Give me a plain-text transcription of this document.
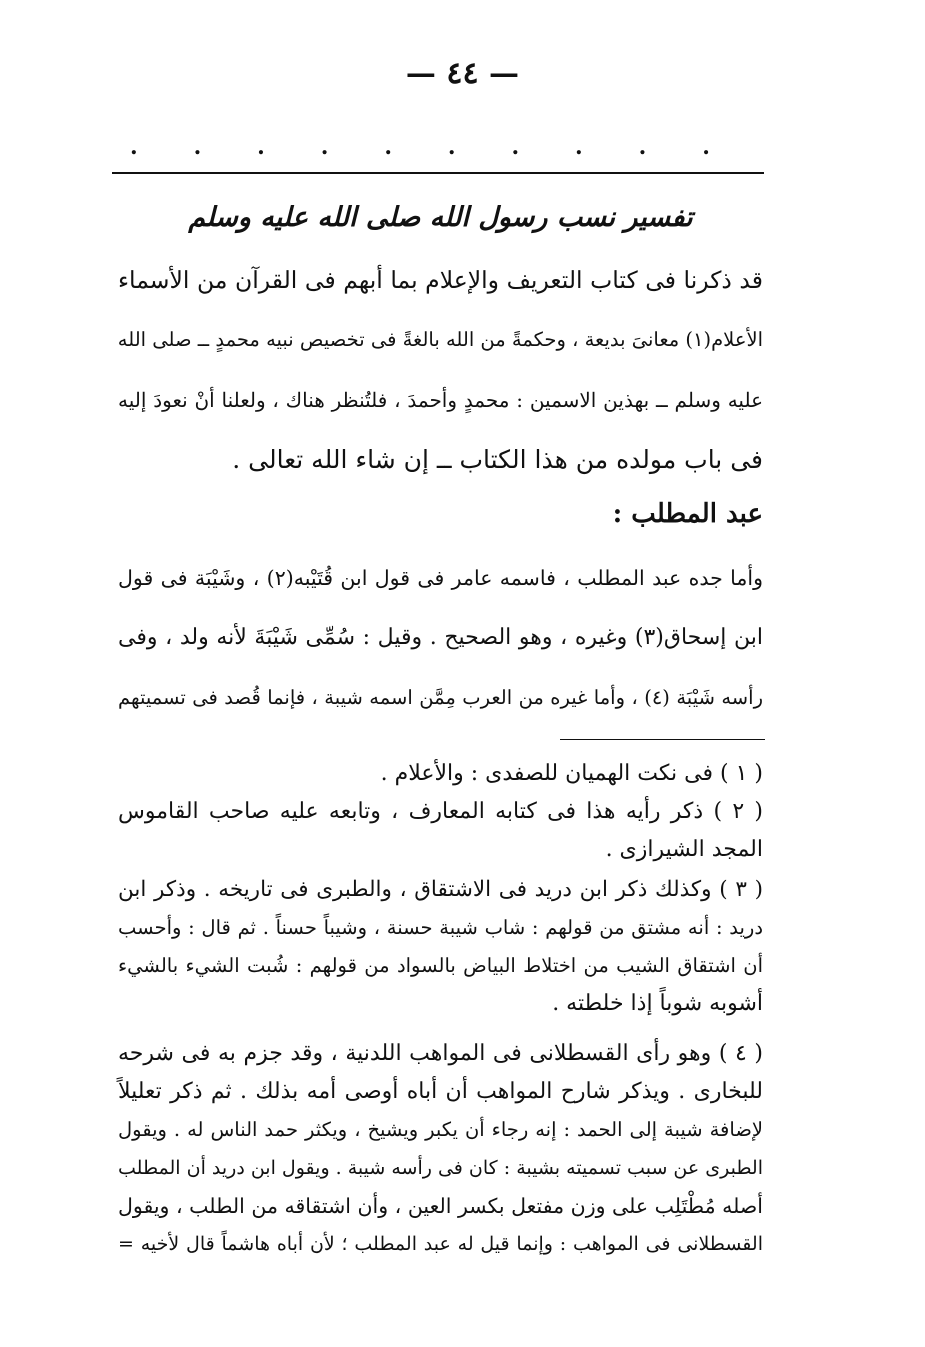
— ٤٤ —
.	.	.	.	.	.	.	.	.	.
تفسير نسب رسول الله صلى الله عليه وسلم
قد ذكرنا فى كتاب التعريف والإعلام بما أبهم فى القرآن من الأسماء
الأعلام(١) معانىَ بديعة ، وحكمةً من الله بالغةً فى تخصيص نبيه محمدٍ ــ صلى الله
عليه وسلم ــ بهذين الاسمين : محمدٍ وأحمدَ ، فلتُنظر هناك ، ولعلنا أنْ نعودَ إليه
فى باب مولده من هذا الكتاب ــ إن شاء الله تعالى .
عبد المطلب :
وأما جده عبد المطلب ، فاسمه عامر فى قول ابن قُتَيْبه(٢) ، وشَيْبَة فى قول
ابن إسحاق(٣) وغيره ، وهو الصحيح . وقيل : سُمِّى شَيْبَةَ لأنه ولد ، وفى
رأسه شَيْبَة (٤) ، وأما غيره من العرب مِمَّن اسمه شيبة ، فإنما قُصد فى تسميتهم
( ١ ) فى نكت الهميان للصفدى : والأعلام .
( ٢ ) ذكر رأيه هذا فى كتابه المعارف ، وتابعه عليه صاحب القاموس
المجد الشيرازى .
( ٣ ) وكذلك ذكر ابن دريد فى الاشتقاق ، والطبرى فى تاريخه . وذكر ابن
دريد : أنه مشتق من قولهم : شاب شيبة حسنة ، وشيباً حسناً . ثم قال : وأحسب
أن اشتقاق الشيب من اختلاط البياض بالسواد من قولهم : شُبت الشيء بالشيء
أشوبه شوباً إذا خلطته .
( ٤ ) وهو رأى القسطلانى فى المواهب اللدنية ، وقد جزم به فى شرحه
للبخارى . ويذكر شارح المواهب أن أباه أوصى أمه بذلك . ثم ذكر تعليلاً
لإضافة شيبة إلى الحمد : إنه رجاء أن يكبر ويشيخ ، ويكثر حمد الناس له . ويقول
الطبرى عن سبب تسميته بشيبة : كان فى رأسه شيبة . ويقول ابن دريد أن المطلب
أصله مُطْتَلِب على وزن مفتعل بكسر العين ، وأن اشتقاقه من الطلب ، ويقول
القسطلانى فى المواهب : وإنما قيل له عبد المطلب ؛ لأن أباه هاشماً قال لأخيه =
